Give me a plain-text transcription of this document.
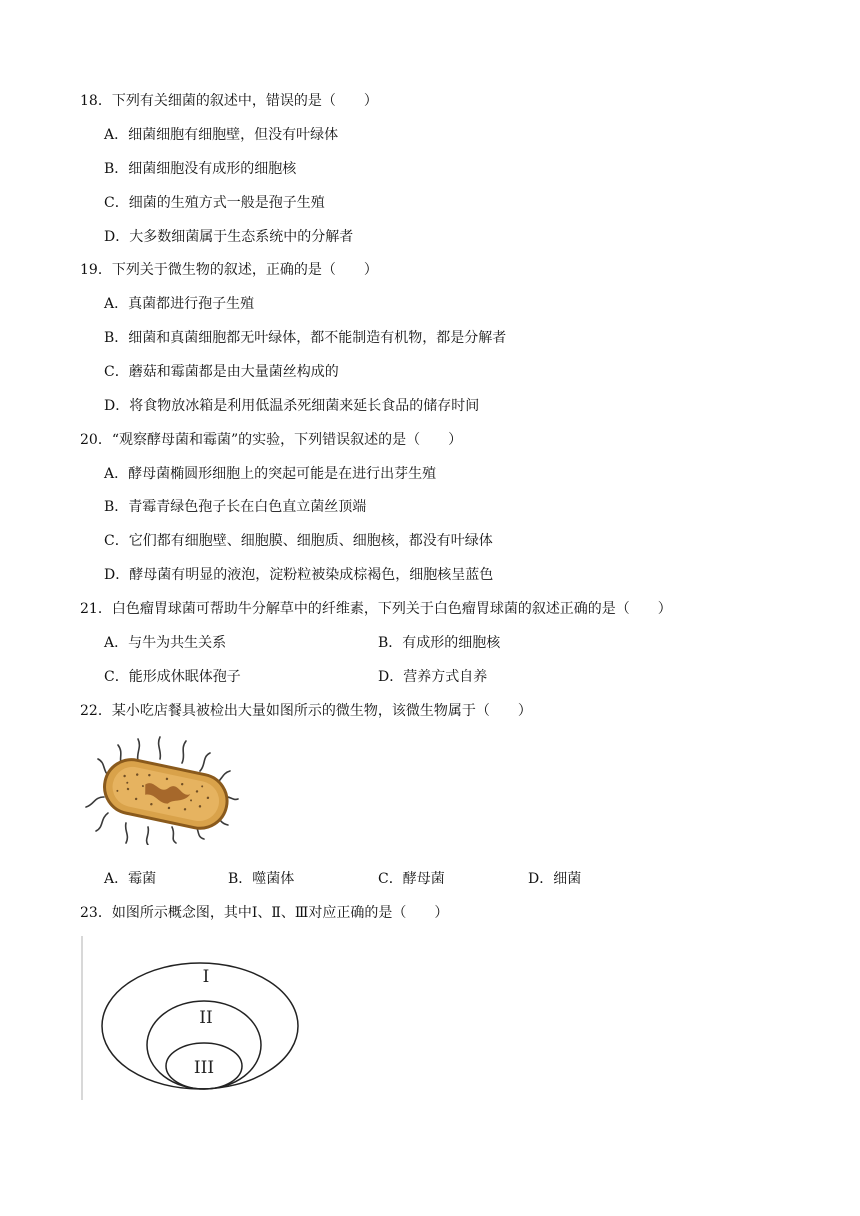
18．下列有关细菌的叙述中，错误的是（　　）
A．细菌细胞有细胞壁，但没有叶绿体
B．细菌细胞没有成形的细胞核
C．细菌的生殖方式一般是孢子生殖
D．大多数细菌属于生态系统中的分解者
19．下列关于微生物的叙述，正确的是（　　）
A．真菌都进行孢子生殖
B．细菌和真菌细胞都无叶绿体，都不能制造有机物，都是分解者
C．蘑菇和霉菌都是由大量菌丝构成的
D．将食物放冰箱是利用低温杀死细菌来延长食品的储存时间
20．“观察酵母菌和霉菌”的实验，下列错误叙述的是（　　）
A．酵母菌椭圆形细胞上的突起可能是在进行出芽生殖
B．青霉青绿色孢子长在白色直立菌丝顶端
C．它们都有细胞壁、细胞膜、细胞质、细胞核，都没有叶绿体
D．酵母菌有明显的液泡，淀粉粒被染成棕褐色，细胞核呈蓝色
21．白色瘤胃球菌可帮助牛分解草中的纤维素，下列关于白色瘤胃球菌的叙述正确的是（　　）
A．与牛为共生关系	B．有成形的细胞核
C．能形成休眠体孢子	D．营养方式自养
22．某小吃店餐具被检出大量如图所示的微生物，该微生物属于（　　）
A．霉菌	B．噬菌体	C．酵母菌	D．细菌
23．如图所示概念图，其中Ⅰ、Ⅱ、Ⅲ对应正确的是（　　）
I
II
III
